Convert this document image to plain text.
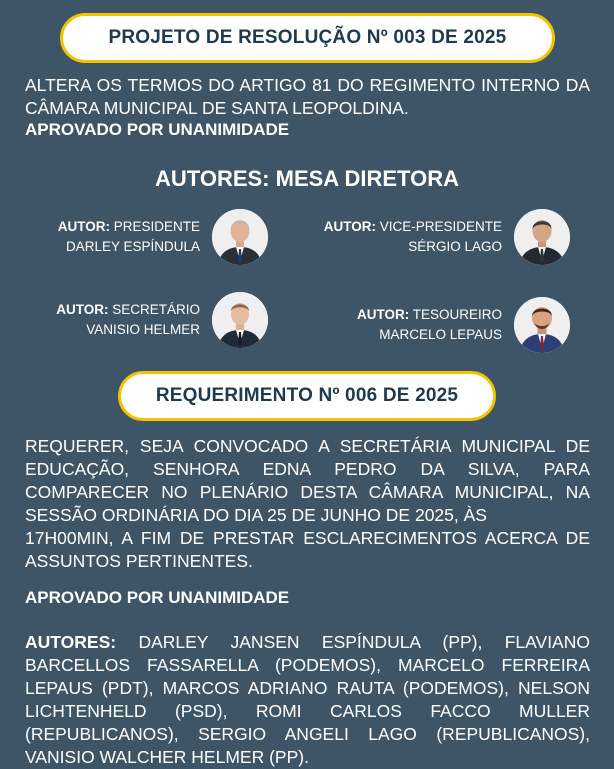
PROJETO DE RESOLUÇÃO Nº 003 DE 2025
ALTERA OS TERMOS DO ARTIGO 81 DO REGIMENTO INTERNO DA CÂMARA MUNICIPAL DE SANTA LEOPOLDINA.
APROVADO POR UNANIMIDADE
AUTORES: MESA DIRETORA
AUTOR: PRESIDENTE
DARLEY ESPÍNDULA
AUTOR: VICE-PRESIDENTE
SÉRGIO LAGO
AUTOR: SECRETÁRIO
VANISIO HELMER
AUTOR: TESOUREIRO
MARCELO LEPAUS
REQUERIMENTO Nº 006 DE 2025
REQUERER, SEJA CONVOCADO A SECRETÁRIA MUNICIPAL DE EDUCAÇÃO, SENHORA EDNA PEDRO DA SILVA, PARA COMPARECER NO PLENÁRIO DESTA CÂMARA MUNICIPAL, NA SESSÃO ORDINÁRIA DO DIA 25 DE JUNHO DE 2025, ÀS
17H00MIN, A FIM DE PRESTAR ESCLARECIMENTOS ACERCA DE ASSUNTOS PERTINENTES.
APROVADO POR UNANIMIDADE
AUTORES: DARLEY JANSEN ESPÍNDULA (PP), FLAVIANO BARCELLOS FASSARELLA (PODEMOS), MARCELO FERREIRA LEPAUS (PDT), MARCOS ADRIANO RAUTA (PODEMOS), NELSON LICHTENHELD (PSD), ROMI CARLOS FACCO MULLER (REPUBLICANOS), SERGIO ANGELI LAGO (REPUBLICANOS), VANISIO WALCHER HELMER (PP).
